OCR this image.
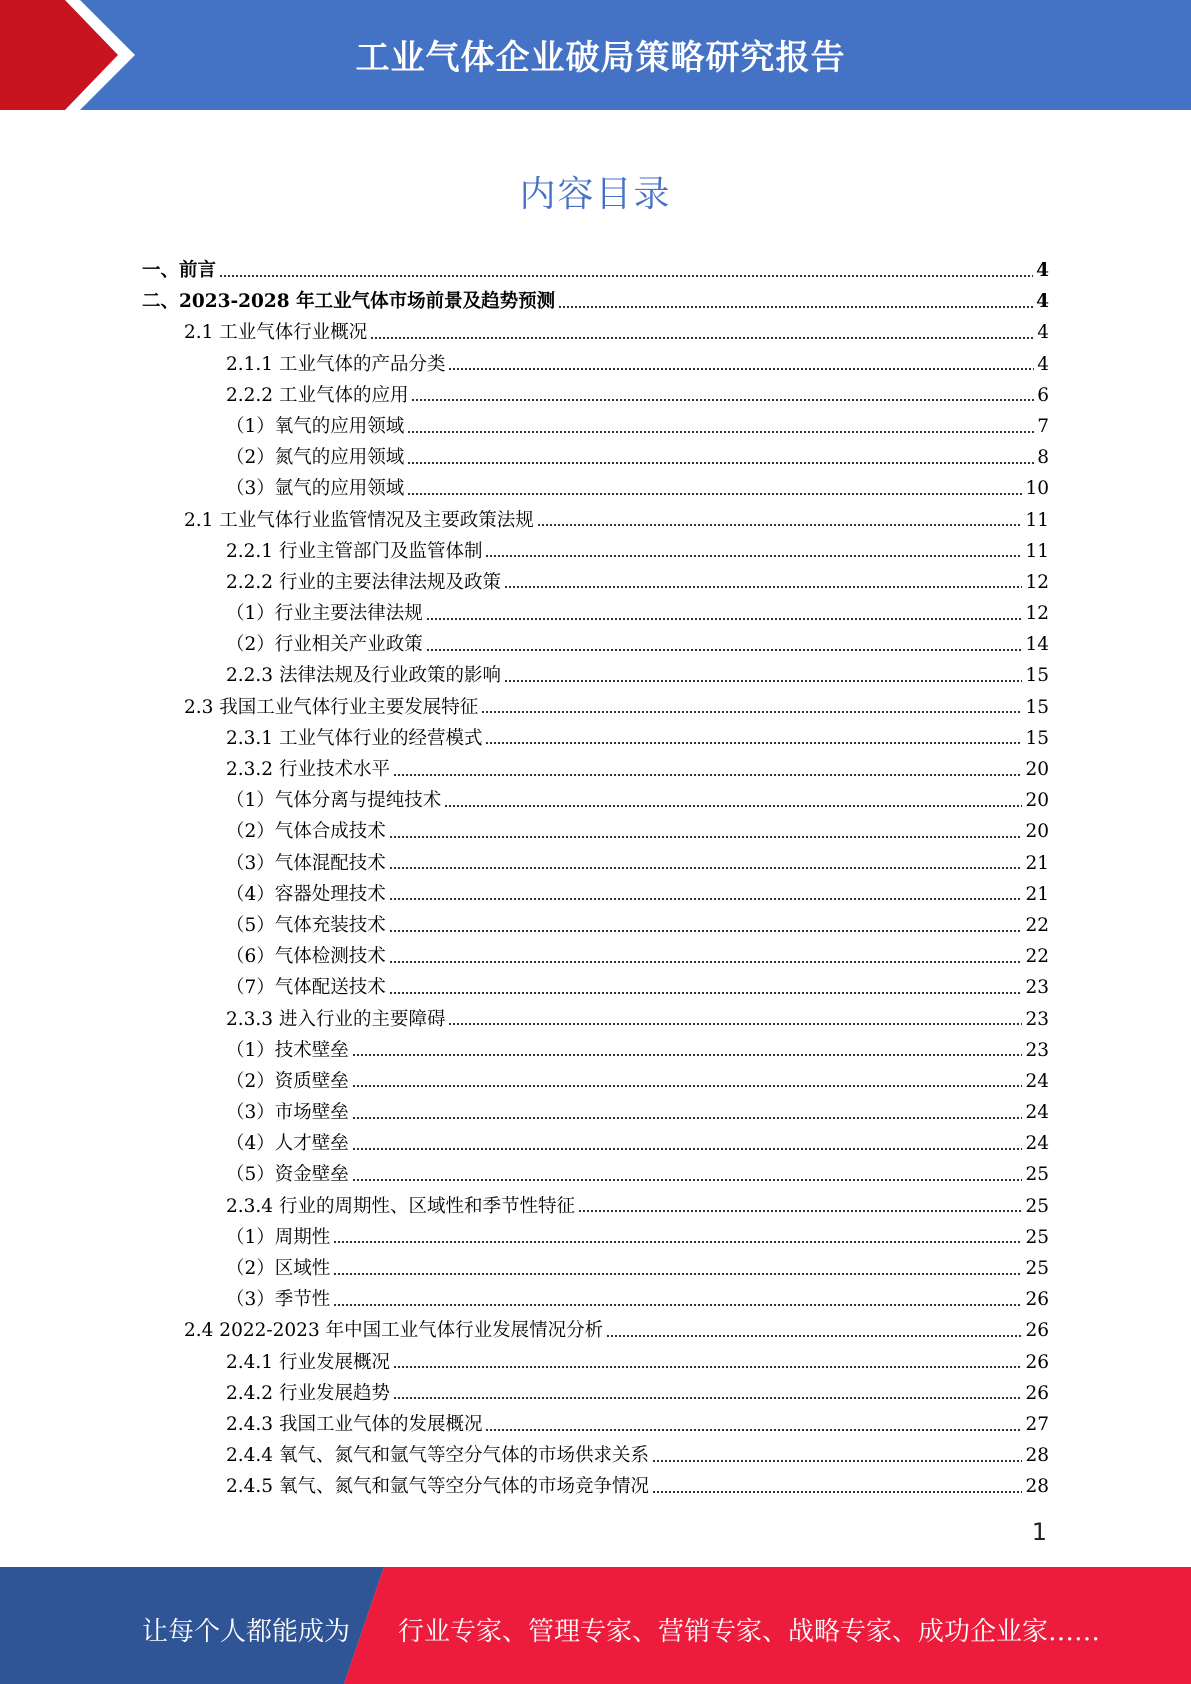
工业气体企业破局策略研究报告
内容目录
一、前言	4
二、2023-2028 年工业气体市场前景及趋势预测	4
2.1 工业气体行业概况	4
2.1.1 工业气体的产品分类	4
2.2.2 工业气体的应用	6
（1）氧气的应用领域	7
（2）氮气的应用领域	8
（3）氩气的应用领域	10
2.1 工业气体行业监管情况及主要政策法规	11
2.2.1 行业主管部门及监管体制	11
2.2.2 行业的主要法律法规及政策	12
（1）行业主要法律法规	12
（2）行业相关产业政策	14
2.2.3 法律法规及行业政策的影响	15
2.3 我国工业气体行业主要发展特征	15
2.3.1 工业气体行业的经营模式	15
2.3.2 行业技术水平	20
（1）气体分离与提纯技术	20
（2）气体合成技术	20
（3）气体混配技术	21
（4）容器处理技术	21
（5）气体充装技术	22
（6）气体检测技术	22
（7）气体配送技术	23
2.3.3 进入行业的主要障碍	23
（1）技术壁垒	23
（2）资质壁垒	24
（3）市场壁垒	24
（4）人才壁垒	24
（5）资金壁垒	25
2.3.4 行业的周期性、区域性和季节性特征	25
（1）周期性	25
（2）区域性	25
（3）季节性	26
2.4 2022-2023 年中国工业气体行业发展情况分析	26
2.4.1 行业发展概况	26
2.4.2 行业发展趋势	26
2.4.3 我国工业气体的发展概况	27
2.4.4 氧气、氮气和氩气等空分气体的市场供求关系	28
2.4.5 氧气、氮气和氩气等空分气体的市场竞争情况	28
1
让每个人都能成为 行业专家、管理专家、营销专家、战略专家、成功企业家……
